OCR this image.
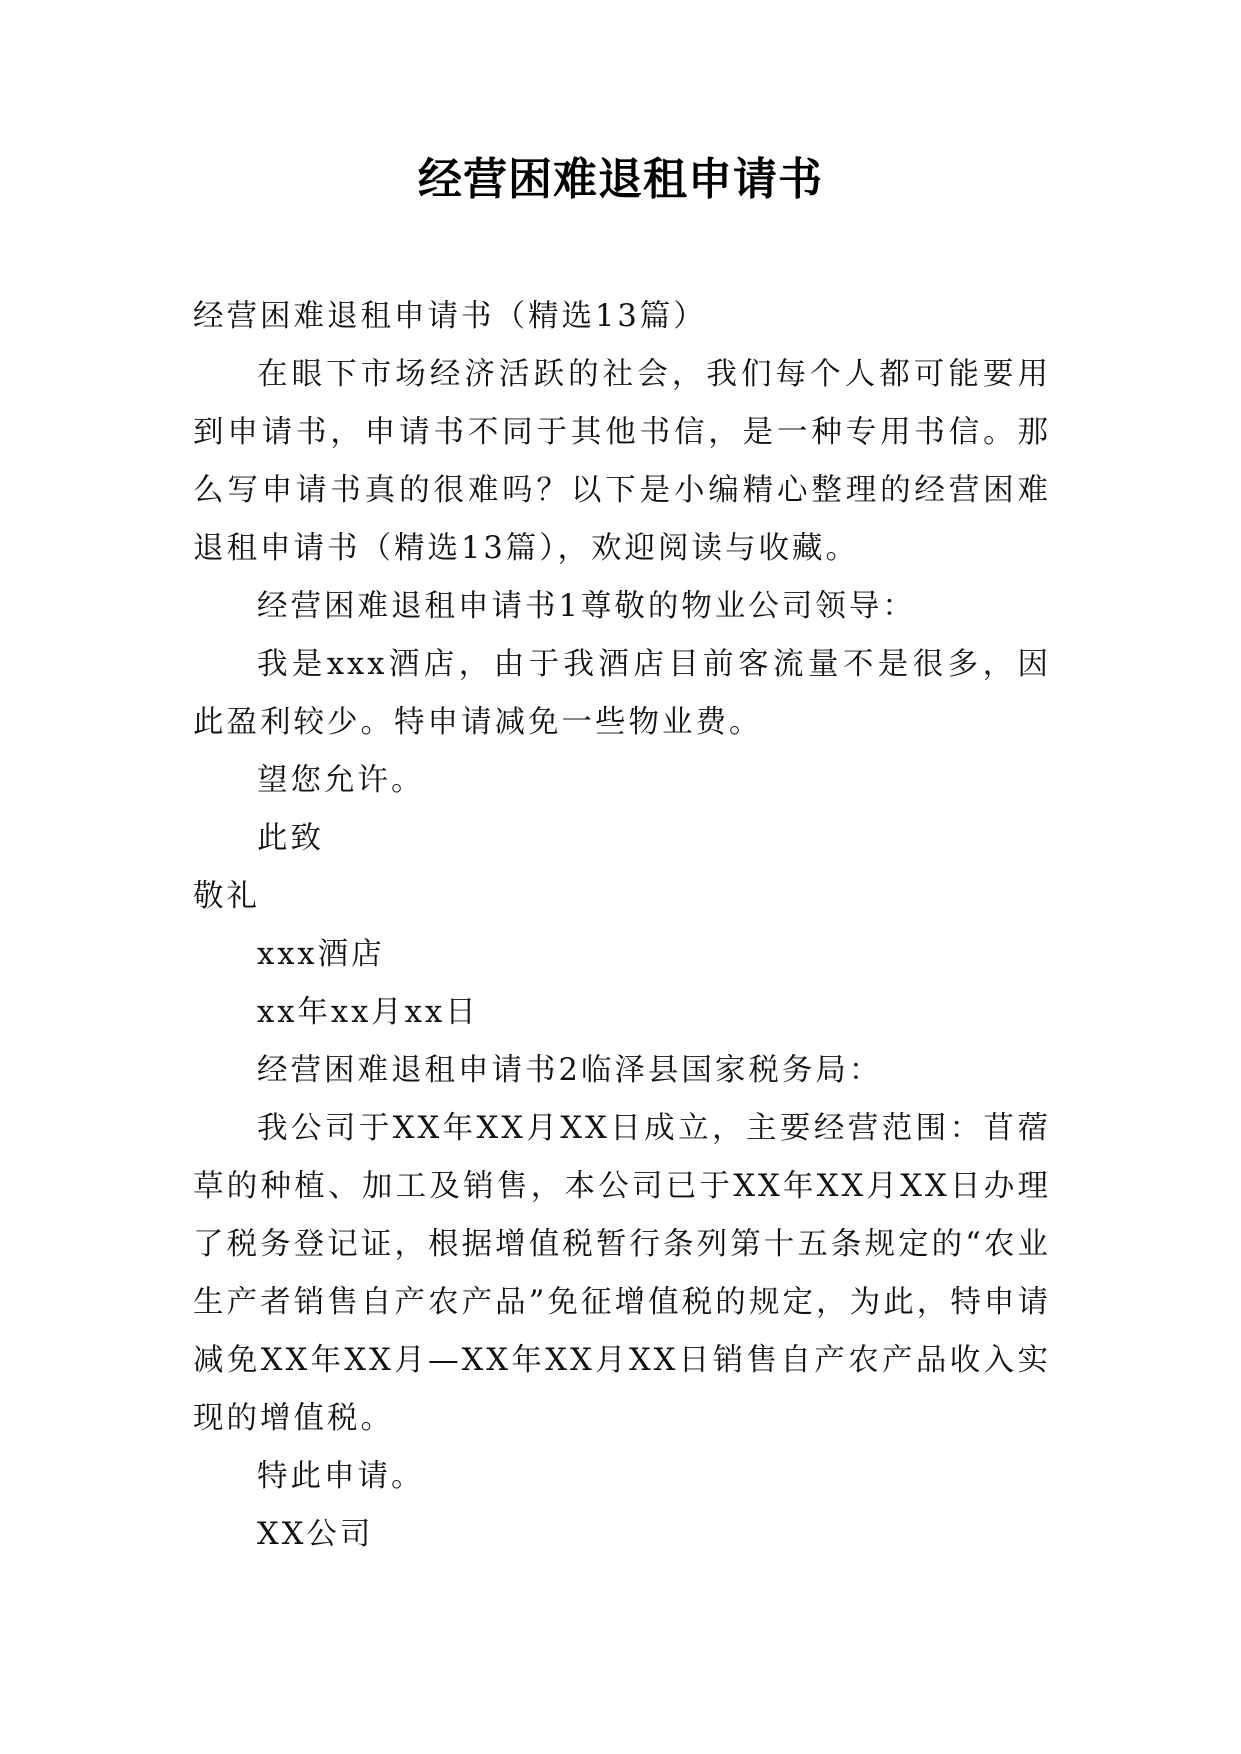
经营困难退租申请书

经营困难退租申请书（精选13篇）

在眼下市场经济活跃的社会，我们每个人都可能要用到申请书，申请书不同于其他书信，是一种专用书信。那么写申请书真的很难吗？以下是小编精心整理的经营困难退租申请书（精选13篇），欢迎阅读与收藏。

经营困难退租申请书1尊敬的物业公司领导：

我是xxx酒店，由于我酒店目前客流量不是很多，因此盈利较少。特申请减免一些物业费。

望您允许。

此致

敬礼

xxx酒店

xx年xx月xx日

经营困难退租申请书2临泽县国家税务局：

我公司于XX年XX月XX日成立，主要经营范围：苜蓿草的种植、加工及销售，本公司已于XX年XX月XX日办理了税务登记证，根据增值税暂行条列第十五条规定的“农业生产者销售自产农产品”免征增值税的规定，为此，特申请减免XX年XX月—XX年XX月XX日销售自产农产品收入实现的增值税。

特此申请。

XX公司
